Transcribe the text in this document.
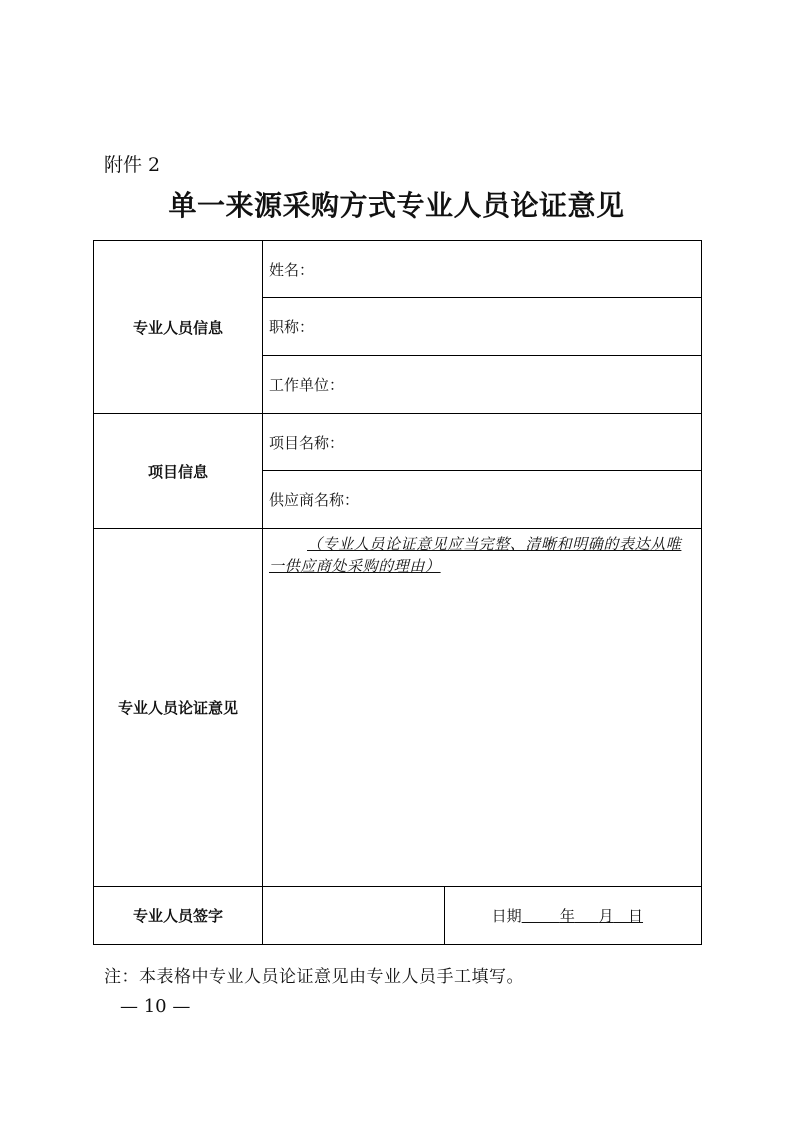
附件 2
单一来源采购方式专业人员论证意见
专业人员信息	姓名：	
	职称：	
	工作单位：	
项目信息	项目名称：	
	供应商名称：	
专业人员论证意见	（专业人员论证意见应当完整、清晰和明确的表达从唯一供应商处采购的理由）	

专业人员签字		日期 年 月 日
注：本表格中专业人员论证意见由专业人员手工填写。
— 10 —
